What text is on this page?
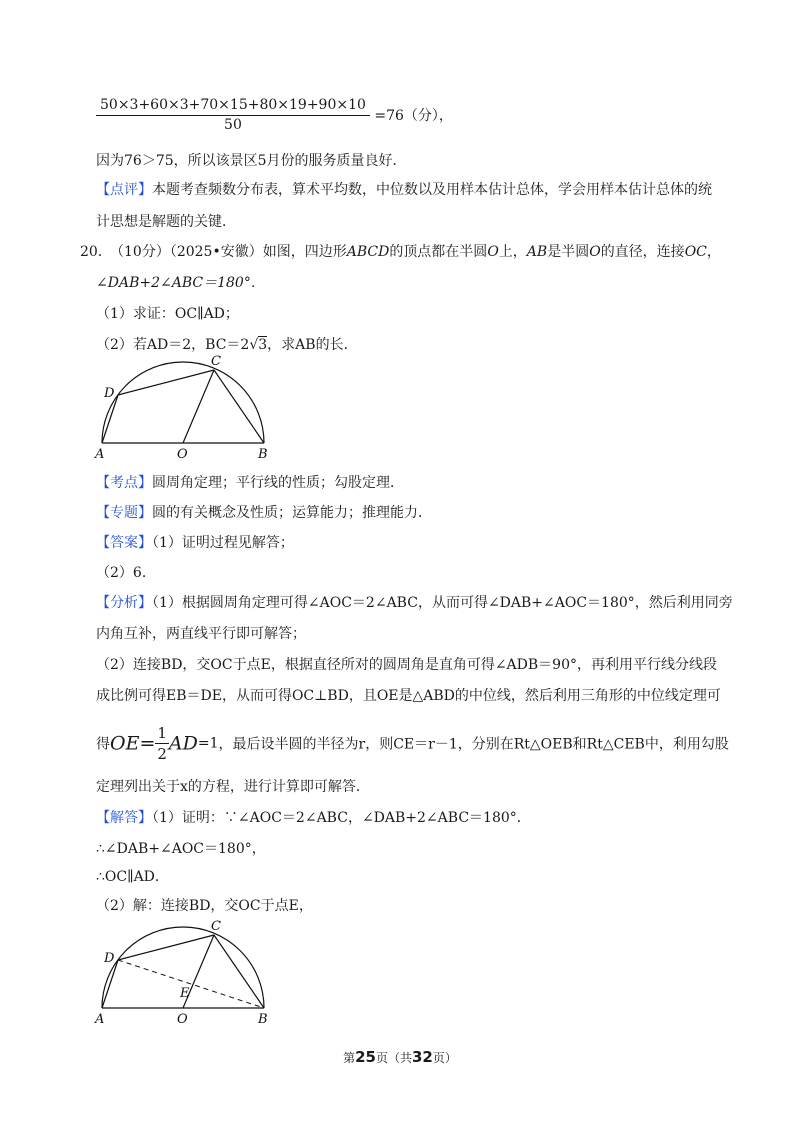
$\frac{50\times 3+60\times 3+70\times 15+80\times 19+90\times 10}{50} =76$（分），
因为76＞75，所以该景区5月份的服务质量良好．
【点评】本题考查频数分布表，算术平均数，中位数以及用样本估计总体，学会用样本估计总体的统
计思想是解题的关键．
20．
（10分）（2025•安徽）如图，四边形ABCD的顶点都在半圆O上，AB是半圆O的直径，连接OC，
∠DAB+2∠ABC＝180°．
（1）求证：OC∥AD；
（2）若AD＝2，BC＝2√3，求AB的长．
A	O	B
C
D
【考点】圆周角定理；平行线的性质；勾股定理．
【专题】圆的有关概念及性质；运算能力；推理能力．
【答案】（1）证明过程见解答；
（2）6．
【分析】（1）根据圆周角定理可得∠AOC＝2∠ABC，从而可得∠DAB+∠AOC＝180°，然后利用同旁
内角互补，两直线平行即可解答；
（2）连接BD，交OC于点E，根据直径所对的圆周角是直角可得∠ADB＝90°，再利用平行线分线段
成比例可得EB＝DE，从而可得OC⊥BD，且OE是△ABD的中位线，然后利用三角形的中位线定理可
得$OE= \frac{1}{2} AD=1$，最后设半圆的半径为r，则CE＝r－1，分别在Rt△OEB和Rt△CEB中，利用勾股
定理列出关于x的方程，进行计算即可解答．
【解答】（1）证明：∵∠AOC＝2∠ABC，∠DAB+2∠ABC＝180°．
∴∠DAB+∠AOC＝180°，
∴OC∥AD．
（2）解：连接BD，交OC于点E，
A	O	B
C
D
E
第25页（共32页）
